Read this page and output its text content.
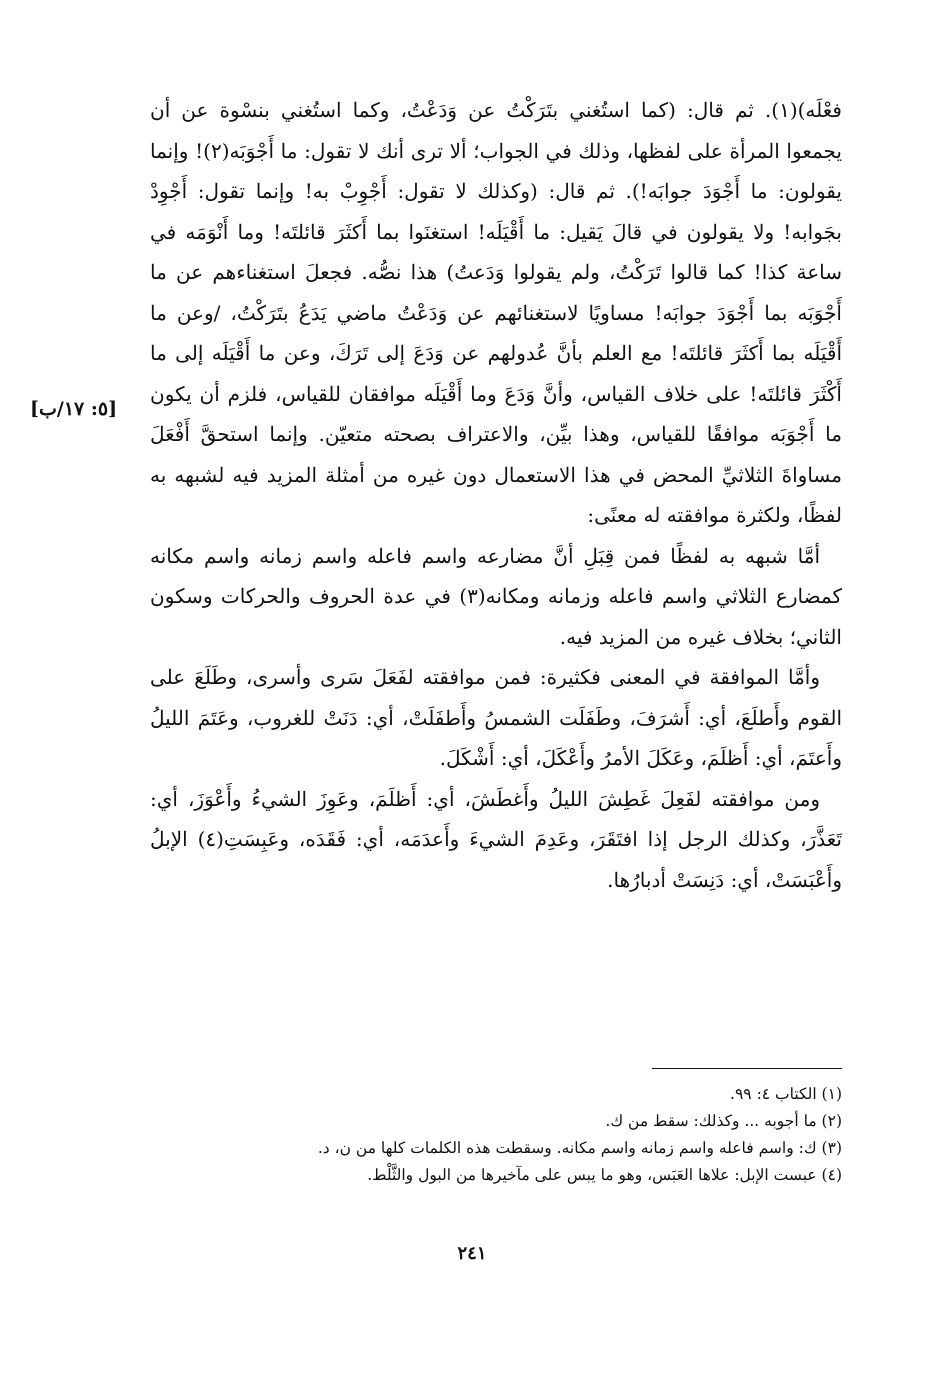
فعْلَه)(١). ثم قال: (كما استُغني بتَرَكْتُ عن وَدَعْتُ، وكما استُغني بنسْوة عن أن يجمعوا المرأة على لفظها، وذلك في الجواب؛ ألا ترى أنك لا تقول: ما أَجْوَبَه(٢)! وإنما يقولون: ما أَجْوَدَ جوابَه!). ثم قال: (وكذلك لا تقول: أَجْوِبْ به! وإنما تقول: أَجْوِدْ بجَوابه! ولا يقولون في قالَ يَقيل: ما أَقْيَلَه! استغنَوا بما أَكثَرَ قائلتَه! وما أَنْوَمَه في ساعة كذا! كما قالوا تَرَكْتُ، ولم يقولوا وَدَعتُ) هذا نصُّه. فجعلَ استغناءهم عن ما أَجْوَبَه بما أَجْوَدَ جوابَه! مساويًا لاستغنائهم عن وَدَعْتُ ماضي يَدَعُ بتَرَكْتُ، /وعن ما أَقْيَلَه بما أَكثَرَ قائلتَه! مع العلم بأنَّ عُدولهم عن وَدَعَ إلى تَرَكَ، وعن ما أَقْيَلَه إلى ما أَكْثَرَ قائلتَه! على خلاف القياس، وأنَّ وَدَعَ وما أَقْيَلَه موافقان للقياس، فلزم أن يكون ما أَجْوَبَه موافقًا للقياس، وهذا بيِّن، والاعتراف بصحته متعيّن. وإنما استحقَّ أَفْعَلَ مساواةَ الثلاثيِّ المحض في هذا الاستعمال دون غيره من أمثلة المزيد فيه لشبهه به لفظًا، ولكثرة موافقته له معنًى:

أمَّا شبهه به لفظًا فمن قِبَلِ أنَّ مضارعه واسم فاعله واسم زمانه واسم مكانه كمضارع الثلاثي واسم فاعله وزمانه ومكانه(٣) في عدة الحروف والحركات وسكون الثاني؛ بخلاف غيره من المزيد فيه.

وأمَّا الموافقة في المعنى فكثيرة: فمن موافقته لفَعَلَ سَرى وأسرى، وطَلَعَ على القوم وأَطلَعَ، أي: أَشرَفَ، وطَفَلَت الشمسُ وأَطفَلَتْ، أي: دَنَتْ للغروب، وعَتَمَ الليلُ وأَعتَمَ، أي: أَظلَمَ، وعَكَلَ الأمرُ وأَعْكَلَ، أي: أَشْكَلَ.

ومن موافقته لفَعِلَ غَطِشَ الليلُ وأَغطَشَ، أي: أَظلَمَ، وعَوِزَ الشيءُ وأَعْوَزَ، أي: تَعَذَّرَ، وكذلك الرجل إذا افتَقَرَ، وعَدِمَ الشيءَ وأَعدَمَه، أي: فَقَدَه، وعَبِسَتِ(٤) الإبلُ وأَعْبَسَتْ، أي: دَنِسَتْ أدبارُها.

[٥: ١٧/ب]
(١) الكتاب ٤: ٩٩.
(٢) ما أجوبه ... وكذلك: سقط من ك.
(٣) ك: واسم فاعله واسم زمانه واسم مكانه. وسقطت هذه الكلمات كلها من ن، د.
(٤) عبست الإبل: علاها العَبَس، وهو ما يبس على مآخيرها من البول والثَّلْط.
٢٤١
